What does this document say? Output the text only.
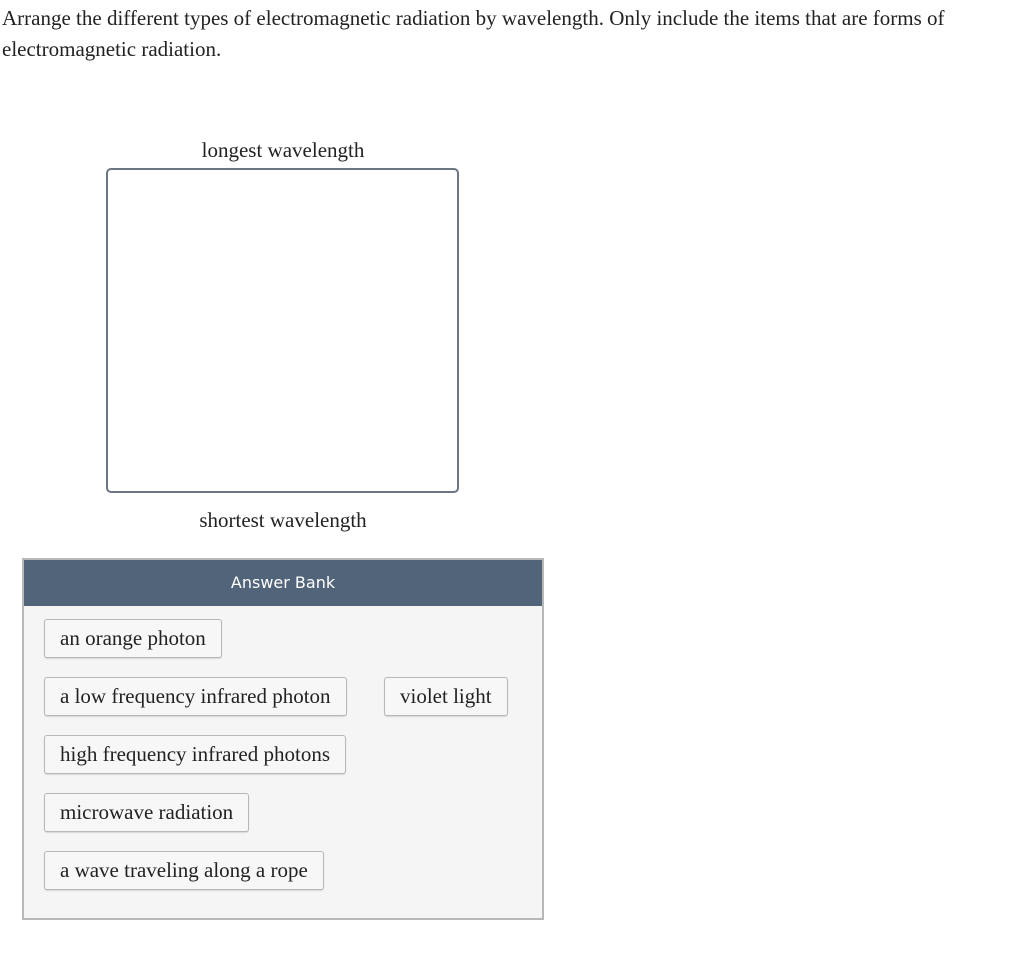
Arrange the different types of electromagnetic radiation by wavelength. Only include the items that are forms of electromagnetic radiation.
longest wavelength
shortest wavelength
Answer Bank
an orange photon
a low frequency infrared photon	violet light
high frequency infrared photons
microwave radiation
a wave traveling along a rope
